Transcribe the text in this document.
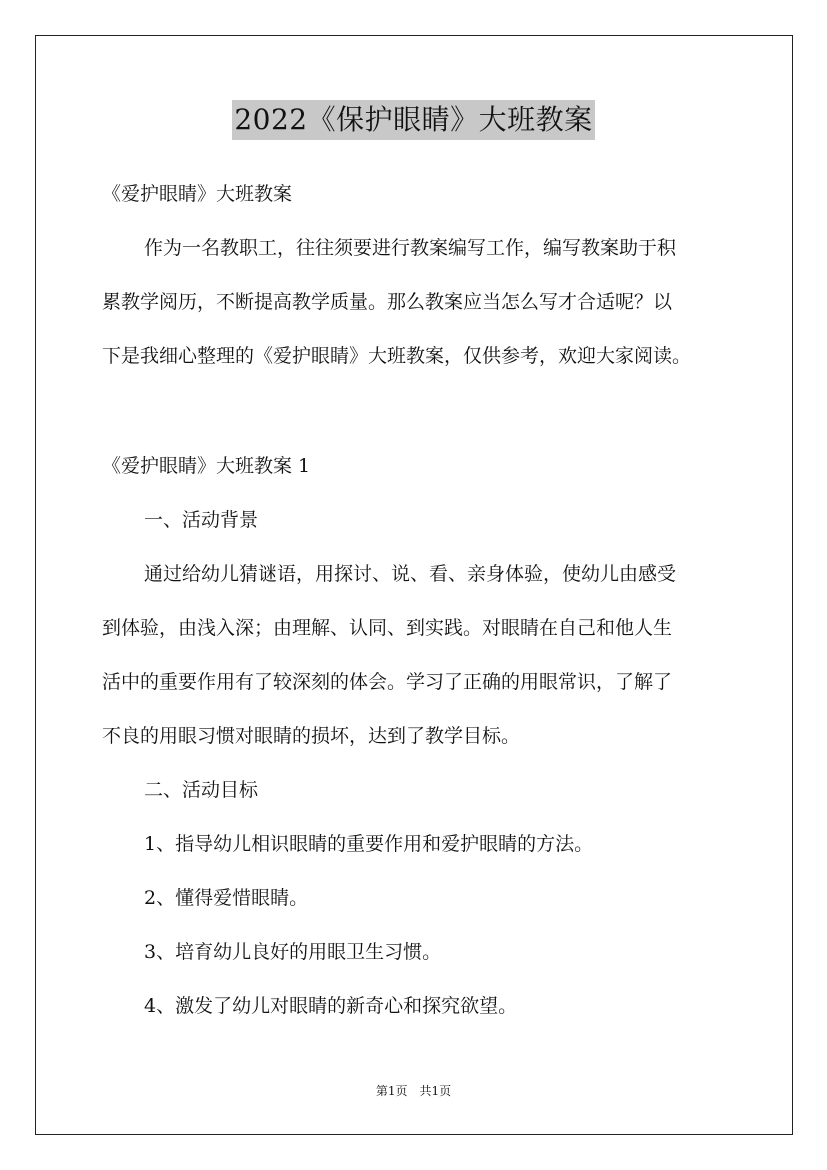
2022《保护眼睛》大班教案
《爱护眼睛》大班教案
作为一名教职工，往往须要进行教案编写工作，编写教案助于积
累教学阅历，不断提高教学质量。那么教案应当怎么写才合适呢？以
下是我细心整理的《爱护眼睛》大班教案，仅供参考，欢迎大家阅读。
《爱护眼睛》大班教案 1
一、活动背景
通过给幼儿猜谜语，用探讨、说、看、亲身体验，使幼儿由感受
到体验，由浅入深；由理解、认同、到实践。对眼睛在自己和他人生
活中的重要作用有了较深刻的体会。学习了正确的用眼常识，了解了
不良的用眼习惯对眼睛的损坏，达到了教学目标。
二、活动目标
1、指导幼儿相识眼睛的重要作用和爱护眼睛的方法。
2、懂得爱惜眼睛。
3、培育幼儿良好的用眼卫生习惯。
4、激发了幼儿对眼睛的新奇心和探究欲望。
第1页　共1页
